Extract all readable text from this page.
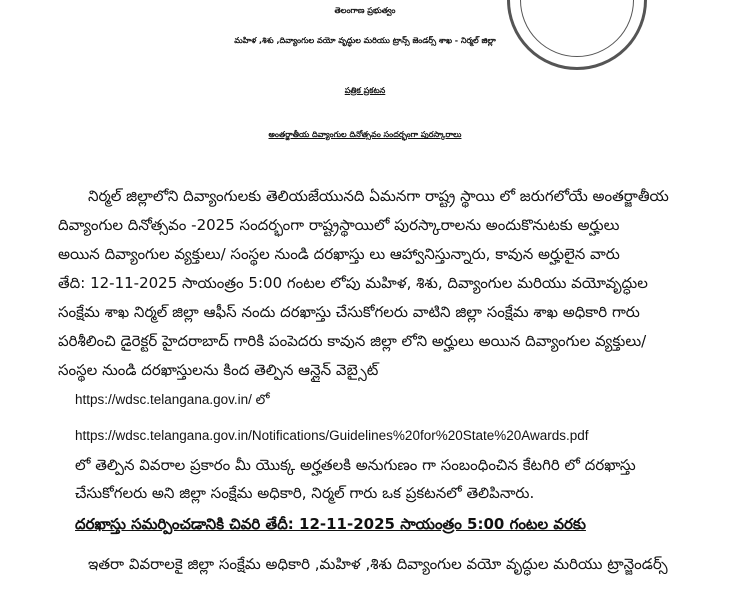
తెలంగాణ ప్రభుత్వం
మహిళ ,శిశు ,దివ్యాంగుల వయో వృద్ధుల మరియు ట్రాన్స్ జెండర్స్ శాఖ - నిర్మల్ జిల్లా
పత్రిక ప్రకటన
అంతర్జాతీయ దివ్యాంగుల దినోత్సవం సందర్భంగా పురస్కారాలు
నిర్మల్ జిల్లాలోని దివ్యాంగులకు తెలియజేయునది ఏమనగా రాష్ట్ర స్థాయి లో జరుగలోయే అంతర్జాతీయ
దివ్యాంగుల దినోత్సవం -2025 సందర్భంగా రాష్ట్రస్థాయిలో పురస్కారాలను అందుకొనుటకు అర్హులు
అయిన దివ్యాంగుల వ్యక్తులు/ సంస్థల నుండి దరఖాస్తు లు ఆహ్వానిస్తున్నారు, కావున అర్హులైన వారు
తేది: 12-11-2025 సాయంత్రం 5:00 గంటల లోపు మహిళ, శిశు, దివ్యాంగుల మరియు వయోవృద్ధుల
సంక్షేమ శాఖ నిర్మల్ జిల్లా ఆఫీస్ నందు దరఖాస్తు చేసుకోగలరు వాటిని జిల్లా సంక్షేమ శాఖ అధికారి గారు
పరిశీలించి డైరెక్టర్ హైదరాబాద్ గారికి పంపెదరు కావున జిల్లా లోని అర్హులు అయిన దివ్యాంగుల వ్యక్తులు/
సంస్థల నుండి దరఖాస్తులను కింద తెల్పిన ఆన్లైన్ వెబ్సైట్
https://wdsc.telangana.gov.in/ లో
https://wdsc.telangana.gov.in/Notifications/Guidelines%20for%20State%20Awards.pdf
లో తెల్పిన వివరాల ప్రకారం మీ యొక్క అర్హతలకి అనుగుణం గా సంబంధించిన కేటగిరి లో దరఖాస్తు
చేసుకోగలరు అని జిల్లా సంక్షేమ అధికారి, నిర్మల్ గారు ఒక ప్రకటనలో తెలిపినారు.
దరఖాస్తు సమర్పించడానికి చివరి తేదీ: 12-11-2025 సాయంత్రం 5:00 గంటల వరకు
ఇతరా వివరాలకై జిల్లా సంక్షేమ అధికారి ,మహిళ ,శిశు దివ్యాంగుల వయో వృద్ధుల మరియు ట్రాన్జెండర్స్
